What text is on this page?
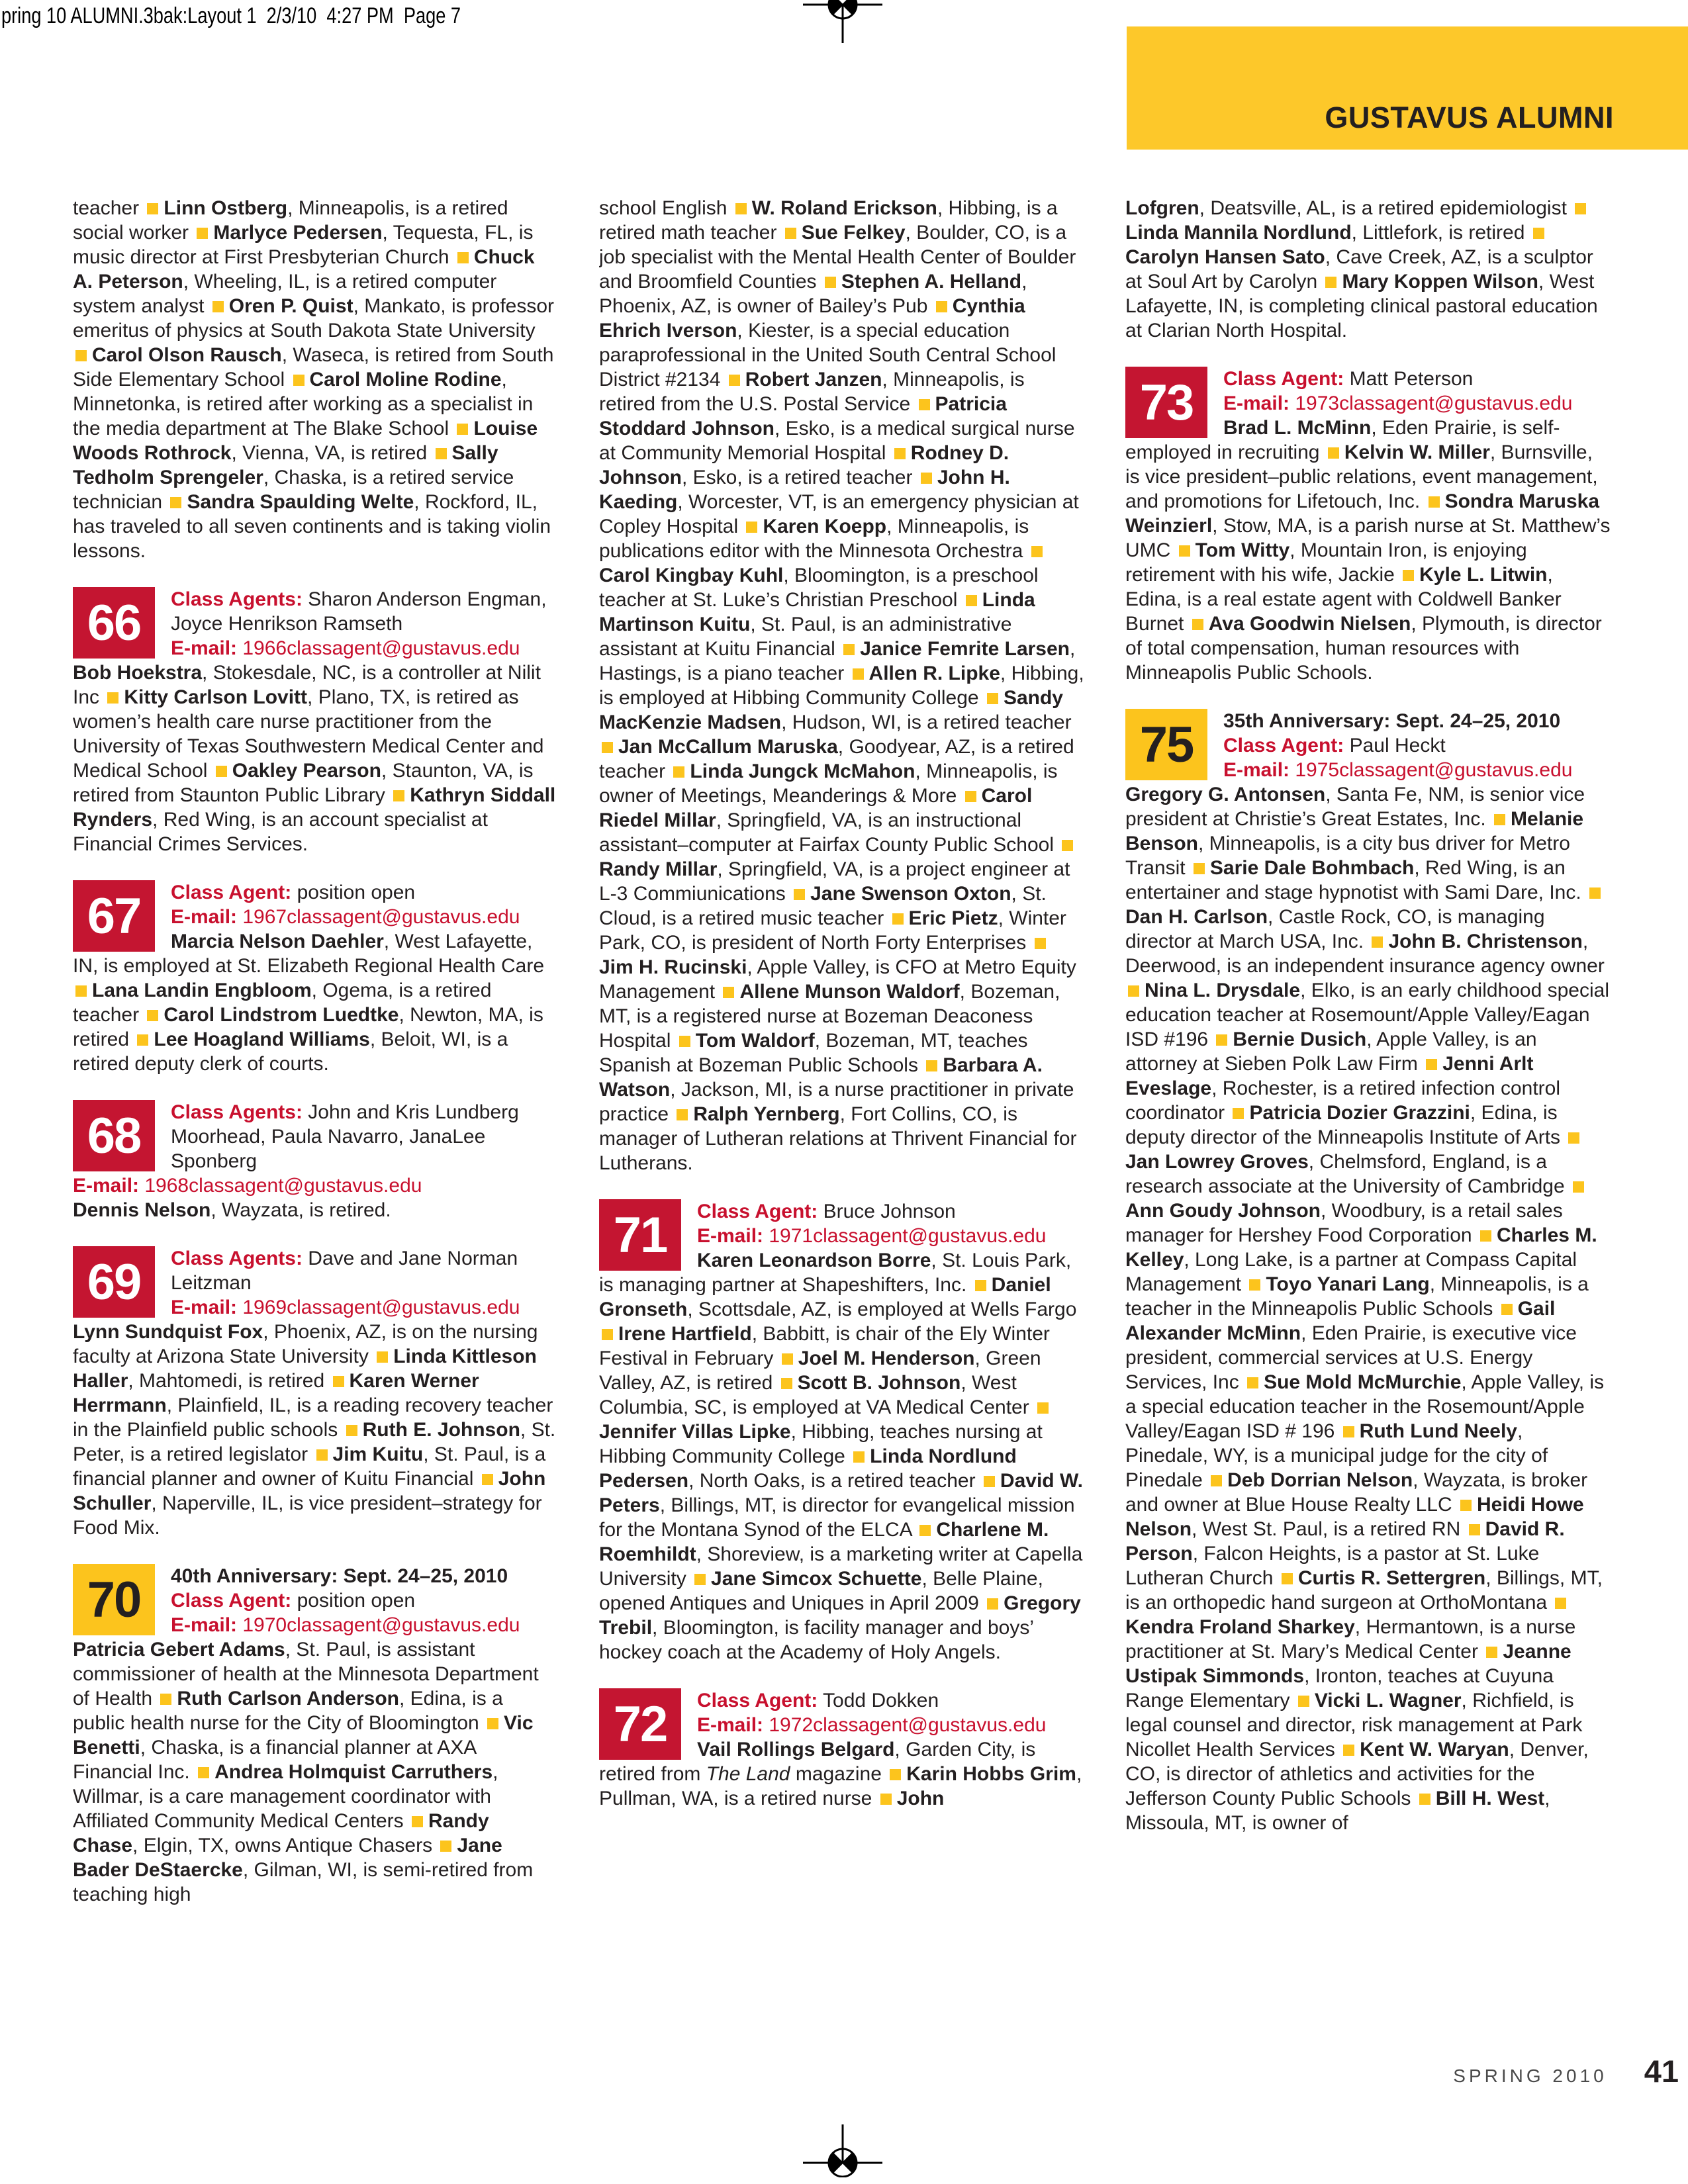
pring 10 ALUMNI.3bak:Layout 1  2/3/10  4:27 PM  Page 7
GUSTAVUS ALUMNI
teacher Linn Ostberg, Minneapolis, is a retired social worker Marlyce Pedersen, Tequesta, FL, is music director at First Presbyterian Church Chuck A. Peterson, Wheeling, IL, is a retired computer system analyst Oren P. Quist, Mankato, is professor emeritus of physics at South Dakota State University Carol Olson Rausch, Waseca, is retired from South Side Elementary School Carol Moline Rodine, Minnetonka, is retired after working as a specialist in the media department at The Blake School Louise Woods Rothrock, Vienna, VA, is retired Sally Tedholm Sprengeler, Chaska, is a retired service technician Sandra Spaulding Welte, Rockford, IL, has traveled to all seven continents and is taking violin lessons.
66	Class Agents: Sharon Anderson Engman, Joyce Henrikson Ramseth
E-mail: 1966classagent@gustavus.edu
Bob Hoekstra, Stokesdale, NC, is a controller at Nilit Inc Kitty Carlson Lovitt, Plano, TX, is retired as women’s health care nurse practitioner from the University of Texas Southwestern Medical Center and Medical School Oakley Pearson, Staunton, VA, is retired from Staunton Public Library Kathryn Siddall Rynders, Red Wing, is an account specialist at Financial Crimes Services.
67	Class Agent: position open
E-mail: 1967classagent@gustavus.edu
Marcia Nelson Daehler, West Lafayette, IN, is employed at St. Elizabeth Regional Health Care Lana Landin Engbloom, Ogema, is a retired teacher Carol Lindstrom Luedtke, Newton, MA, is retired Lee Hoagland Williams, Beloit, WI, is a retired deputy clerk of courts.
68	Class Agents: John and Kris Lundberg Moorhead, Paula Navarro, JanaLee Sponberg
E-mail: 1968classagent@gustavus.edu
Dennis Nelson, Wayzata, is retired.
69	Class Agents: Dave and Jane Norman Leitzman
E-mail: 1969classagent@gustavus.edu
Lynn Sundquist Fox, Phoenix, AZ, is on the nursing faculty at Arizona State University Linda Kittleson Haller, Mahtomedi, is retired Karen Werner Herrmann, Plainfield, IL, is a reading recovery teacher in the Plainfield public schools Ruth E. Johnson, St. Peter, is a retired legislator Jim Kuitu, St. Paul, is a financial planner and owner of Kuitu Financial John Schuller, Naperville, IL, is vice president–strategy for Food Mix.
70	40th Anniversary: Sept. 24–25, 2010 Class Agent: position open
E-mail: 1970classagent@gustavus.edu
Patricia Gebert Adams, St. Paul, is assistant commissioner of health at the Minnesota Department of Health Ruth Carlson Anderson, Edina, is a public health nurse for the City of Bloomington Vic Benetti, Chaska, is a financial planner at AXA Financial Inc. Andrea Holmquist Carruthers, Willmar, is a care management coordinator with Affiliated Community Medical Centers Randy Chase, Elgin, TX, owns Antique Chasers Jane Bader DeStaercke, Gilman, WI, is semi-retired from teaching high
school English W. Roland Erickson, Hibbing, is a retired math teacher Sue Felkey, Boulder, CO, is a job specialist with the Mental Health Center of Boulder and Broomfield Counties Stephen A. Helland, Phoenix, AZ, is owner of Bailey’s Pub Cynthia Ehrich Iverson, Kiester, is a special education paraprofessional in the United South Central School District #2134 Robert Janzen, Minneapolis, is retired from the U.S. Postal Service Patricia Stoddard Johnson, Esko, is a medical surgical nurse at Community Memorial Hospital Rodney D. Johnson, Esko, is a retired teacher John H. Kaeding, Worcester, VT, is an emergency physician at Copley Hospital Karen Koepp, Minneapolis, is publications editor with the Minnesota Orchestra Carol Kingbay Kuhl, Bloomington, is a preschool teacher at St. Luke’s Christian Preschool Linda Martinson Kuitu, St. Paul, is an administrative assistant at Kuitu Financial Janice Femrite Larsen, Hastings, is a piano teacher Allen R. Lipke, Hibbing, is employed at Hibbing Community College Sandy MacKenzie Madsen, Hudson, WI, is a retired teacher Jan McCallum Maruska, Goodyear, AZ, is a retired teacher Linda Jungck McMahon, Minneapolis, is owner of Meetings, Meanderings & More Carol Riedel Millar, Springfield, VA, is an instructional assistant–computer at Fairfax County Public School Randy Millar, Springfield, VA, is a project engineer at L-3 Commiunications Jane Swenson Oxton, St. Cloud, is a retired music teacher Eric Pietz, Winter Park, CO, is president of North Forty Enterprises Jim H. Rucinski, Apple Valley, is CFO at Metro Equity Management Allene Munson Waldorf, Bozeman, MT, is a registered nurse at Bozeman Deaconess Hospital Tom Waldorf, Bozeman, MT, teaches Spanish at Bozeman Public Schools Barbara A. Watson, Jackson, MI, is a nurse practitioner in private practice Ralph Yernberg, Fort Collins, CO, is manager of Lutheran relations at Thrivent Financial for Lutherans.
71	Class Agent: Bruce Johnson
E-mail: 1971classagent@gustavus.edu
Karen Leonardson Borre, St. Louis Park, is managing partner at Shapeshifters, Inc. Daniel Gronseth, Scottsdale, AZ, is employed at Wells Fargo Irene Hartfield, Babbitt, is chair of the Ely Winter Festival in February Joel M. Henderson, Green Valley, AZ, is retired Scott B. Johnson, West Columbia, SC, is employed at VA Medical Center Jennifer Villas Lipke, Hibbing, teaches nursing at Hibbing Community College Linda Nordlund Pedersen, North Oaks, is a retired teacher David W. Peters, Billings, MT, is director for evangelical mission for the Montana Synod of the ELCA Charlene M. Roemhildt, Shoreview, is a marketing writer at Capella University Jane Simcox Schuette, Belle Plaine, opened Antiques and Uniques in April 2009 Gregory Trebil, Bloomington, is facility manager and boys’ hockey coach at the Academy of Holy Angels.
72	Class Agent: Todd Dokken
E-mail: 1972classagent@gustavus.edu
Vail Rollings Belgard, Garden City, is retired from The Land magazine Karin Hobbs Grim, Pullman, WA, is a retired nurse John
Lofgren, Deatsville, AL, is a retired epidemiologist Linda Mannila Nordlund, Littlefork, is retired Carolyn Hansen Sato, Cave Creek, AZ, is a sculptor at Soul Art by Carolyn Mary Koppen Wilson, West Lafayette, IN, is completing clinical pastoral education at Clarian North Hospital.
73	Class Agent: Matt Peterson
E-mail: 1973classagent@gustavus.edu
Brad L. McMinn, Eden Prairie, is self-employed in recruiting Kelvin W. Miller, Burnsville, is vice president–public relations, event management, and promotions for Lifetouch, Inc. Sondra Maruska Weinzierl, Stow, MA, is a parish nurse at St. Matthew’s UMC Tom Witty, Mountain Iron, is enjoying retirement with his wife, Jackie Kyle L. Litwin, Edina, is a real estate agent with Coldwell Banker Burnet Ava Goodwin Nielsen, Plymouth, is director of total compensation, human resources with Minneapolis Public Schools.
75	35th Anniversary: Sept. 24–25, 2010 Class Agent: Paul Heckt
E-mail: 1975classagent@gustavus.edu
Gregory G. Antonsen, Santa Fe, NM, is senior vice president at Christie’s Great Estates, Inc. Melanie Benson, Minneapolis, is a city bus driver for Metro Transit Sarie Dale Bohmbach, Red Wing, is an entertainer and stage hypnotist with Sami Dare, Inc. Dan H. Carlson, Castle Rock, CO, is managing director at March USA, Inc. John B. Christenson, Deerwood, is an independent insurance agency owner Nina L. Drysdale, Elko, is an early childhood special education teacher at Rosemount/Apple Valley/Eagan ISD #196 Bernie Dusich, Apple Valley, is an attorney at Sieben Polk Law Firm Jenni Arlt Eveslage, Rochester, is a retired infection control coordinator Patricia Dozier Grazzini, Edina, is deputy director of the Minneapolis Institute of Arts Jan Lowrey Groves, Chelmsford, England, is a research associate at the University of Cambridge Ann Goudy Johnson, Woodbury, is a retail sales manager for Hershey Food Corporation Charles M. Kelley, Long Lake, is a partner at Compass Capital Management Toyo Yanari Lang, Minneapolis, is a teacher in the Minneapolis Public Schools Gail Alexander McMinn, Eden Prairie, is executive vice president, commercial services at U.S. Energy Services, Inc Sue Mold McMurchie, Apple Valley, is a special education teacher in the Rosemount/Apple Valley/Eagan ISD # 196 Ruth Lund Neely, Pinedale, WY, is a municipal judge for the city of Pinedale Deb Dorrian Nelson, Wayzata, is broker and owner at Blue House Realty LLC Heidi Howe Nelson, West St. Paul, is a retired RN David R. Person, Falcon Heights, is a pastor at St. Luke Lutheran Church Curtis R. Settergren, Billings, MT, is an orthopedic hand surgeon at OrthoMontana Kendra Froland Sharkey, Hermantown, is a nurse practitioner at St. Mary’s Medical Center Jeanne Ustipak Simmonds, Ironton, teaches at Cuyuna Range Elementary Vicki L. Wagner, Richfield, is legal counsel and director, risk management at Park Nicollet Health Services Kent W. Waryan, Denver, CO, is director of athletics and activities for the Jefferson County Public Schools Bill H. West, Missoula, MT, is owner of
SPRING 2010 41
